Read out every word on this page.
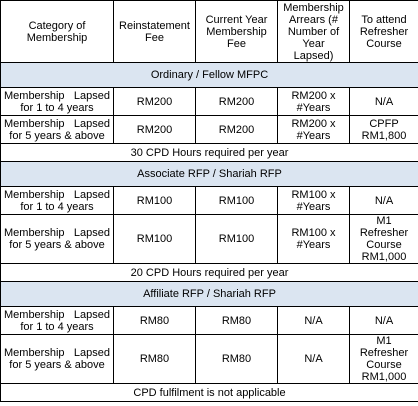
Category of Membership	Reinstatement Fee	Current Year Membership Fee	Membership Arrears (# Number of Year Lapsed)	To attend Refresher Course
Ordinary / Fellow MFPC				

Membership Lapsed
for 1 to 4 years	RM200	RM200	RM200 x #Years	N/A

Membership Lapsed
for 5 years & above	RM200	RM200	RM200 x #Years	CPFP RM1,800
30 CPD Hours required per year				
Associate RFP / Shariah RFP				

Membership Lapsed
for 1 to 4 years	RM100	RM100	RM100 x #Years	N/A

Membership Lapsed
for 5 years & above	RM100	RM100	RM100 x #Years	M1 Refresher Course RM1,000
20 CPD Hours required per year				
Affiliate RFP / Shariah RFP				

Membership Lapsed
for 1 to 4 years	RM80	RM80	N/A	N/A

Membership Lapsed
for 5 years & above	RM80	RM80	N/A	M1 Refresher Course RM1,000
CPD fulfilment is not applicable				
